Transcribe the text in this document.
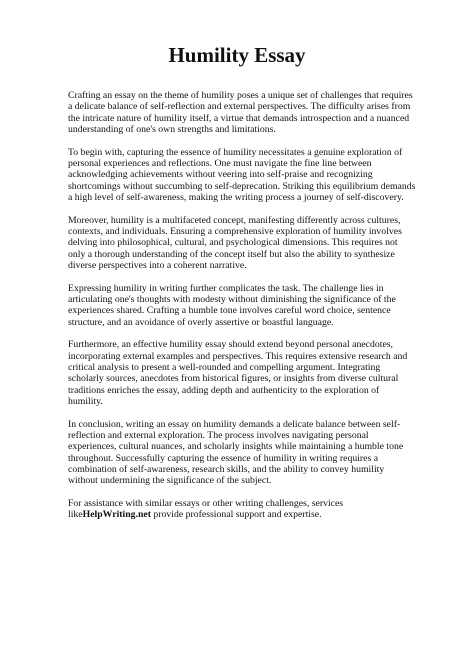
Humility Essay

Crafting an essay on the theme of humility poses a unique set of challenges that requires a delicate balance of self-reflection and external perspectives. The difficulty arises from the intricate nature of humility itself, a virtue that demands introspection and a nuanced understanding of one's own strengths and limitations.

To begin with, capturing the essence of humility necessitates a genuine exploration of personal experiences and reflections. One must navigate the fine line between acknowledging achievements without veering into self-praise and recognizing shortcomings without succumbing to self-deprecation. Striking this equilibrium demands a high level of self-awareness, making the writing process a journey of self-discovery.

Moreover, humility is a multifaceted concept, manifesting differently across cultures, contexts, and individuals. Ensuring a comprehensive exploration of humility involves delving into philosophical, cultural, and psychological dimensions. This requires not only a thorough understanding of the concept itself but also the ability to synthesize diverse perspectives into a coherent narrative.

Expressing humility in writing further complicates the task. The challenge lies in articulating one's thoughts with modesty without diminishing the significance of the experiences shared. Crafting a humble tone involves careful word choice, sentence structure, and an avoidance of overly assertive or boastful language.

Furthermore, an effective humility essay should extend beyond personal anecdotes, incorporating external examples and perspectives. This requires extensive research and critical analysis to present a well-rounded and compelling argument. Integrating scholarly sources, anecdotes from historical figures, or insights from diverse cultural traditions enriches the essay, adding depth and authenticity to the exploration of humility.

In conclusion, writing an essay on humility demands a delicate balance between self-reflection and external exploration. The process involves navigating personal experiences, cultural nuances, and scholarly insights while maintaining a humble tone throughout. Successfully capturing the essence of humility in writing requires a combination of self-awareness, research skills, and the ability to convey humility without undermining the significance of the subject.

For assistance with similar essays or other writing challenges, services likeHelpWriting.net provide professional support and expertise.
